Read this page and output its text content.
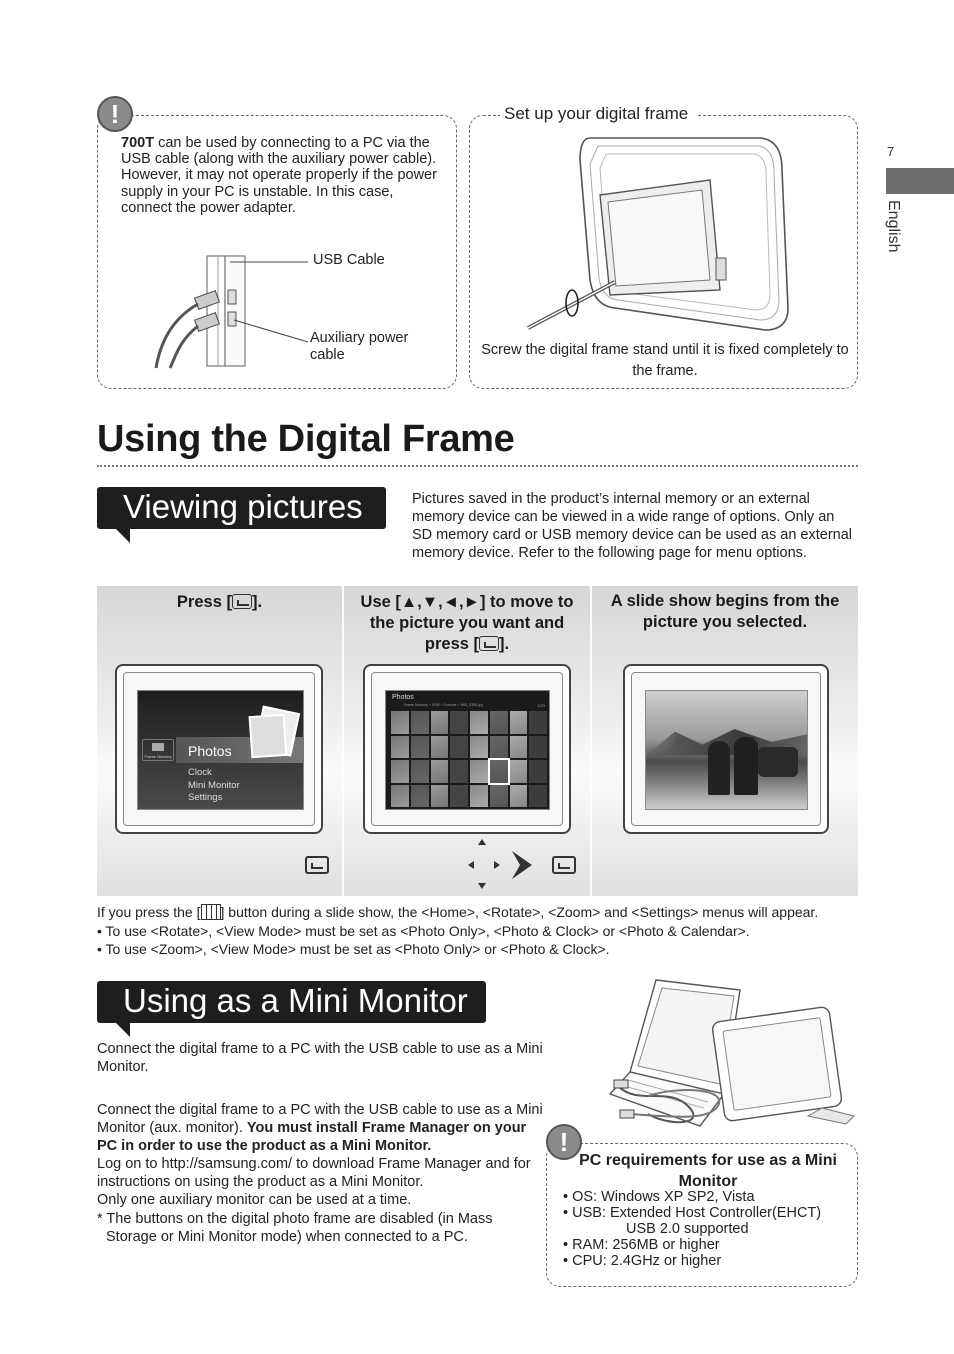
7
English
!
700T can be used by connecting to a PC via the USB cable (along with the auxiliary power cable).
However, it may not operate properly if the power supply in your PC is unstable. In this case, connect the power adapter.
USB Cable
Auxiliary power cable
Set up your digital frame
Screw the digital frame stand until it is fixed completely to the frame.
Using the Digital Frame
Viewing pictures	Pictures saved in the product’s internal memory or an external memory device can be viewed in a wide range of options. Only an SD memory card or USB memory device can be used as an external memory device. Refer to the following page for menu options.
Press [ ].
Frame Memory Photos
Clock
Mini Monitor
Settings
Use [▲,▼,◄,►] to move to the picture you want and press [ ].
Photos
Frame Memory > 2008 > Summer > IMG_0386.jpg	1/23
A slide show begins from the picture you selected.
If you press the [ ] button during a slide show, the <Home>, <Rotate>, <Zoom> and <Settings> menus will appear.
• To use <Rotate>, <View Mode> must be set as <Photo Only>, <Photo & Clock> or <Photo & Calendar>.
• To use <Zoom>, <View Mode> must be set as <Photo Only> or <Photo & Clock>.
Using as a Mini Monitor
Connect the digital frame to a PC with the USB cable to use as a Mini Monitor.
Connect the digital frame to a PC with the USB cable to use as a Mini Monitor (aux. monitor). You must install Frame Manager on your PC in order to use the product as a Mini Monitor.
Log on to http://samsung.com/ to download Frame Manager and for instructions on using the product as a Mini Monitor.
Only one auxiliary monitor can be used at a time.
* The buttons on the digital photo frame are disabled (in Mass Storage or Mini Monitor mode) when connected to a PC.
!
PC requirements for use as a Mini Monitor
• OS: Windows XP SP2, Vista
• USB: Extended Host Controller(EHCT)
USB 2.0 supported
• RAM: 256MB or higher
• CPU: 2.4GHz or higher
